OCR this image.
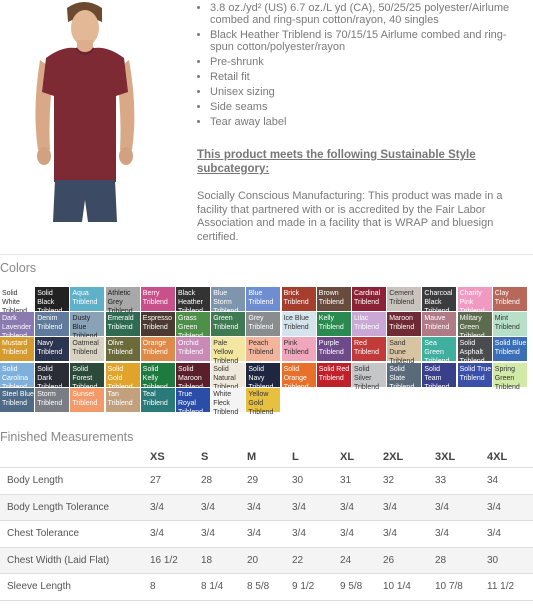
• 3.8 oz./yd² (US) 6.7 oz./L yd (CA), 50/25/25 polyester/Airlume combed and ring-spun cotton/rayon, 40 singles
• Black Heather Triblend is 70/15/15 Airlume combed and ring-spun cotton/polyester/rayon
• Pre-shrunk
• Retail fit
• Unisex sizing
• Side seams
• Tear away label
This product meets the following Sustainable Style subcategory:
Socially Conscious Manufacturing: This product was made in a facility that partnered with or is accredited by the Fair Labor Association and made in a facility that is WRAP and bluesign certified.
Colors
Solid White
Solid Black
Aqua Triblend
Athletic Grey
Berry Triblend
Black Heather
Blue Storm
Blue Triblend
Brick Triblend
Brown Triblend
Cardinal Triblend
Cement Triblend
Charcoal Black
Charity Pink
Clay Triblend
Dark Lavender
Denim Triblend
Dusty Blue
Emerald Triblend
Espresso Triblend
Grass Green
Green Triblend
Grey Triblend
Ice Blue Triblend
Kelly Triblend
Lilac Triblend
Maroon Triblend
Mauve Triblend
Military Green
Mint Triblend
Mustard Triblend
Navy Triblend
Oatmeal Triblend
Olive Triblend
Orange Triblend
Orchid Triblend
Pale Yellow
Peach Triblend
Pink Triblend
Purple Triblend
Red Triblend
Sand Dune
Sea Green
Solid Asphalt
Solid Blue Triblend
Solid Carolina
Solid Dark
Solid Forest
Solid Gold
Solid Kelly
Solid Maroon
Solid Natural
Solid Navy
Solid Orange Triblend
Solid Red Triblend
Solid Silver Triblend
Solid Slate Triblend
Solid Team Triblend
Solid True Triblend
Spring Green Triblend
Steel Blue Triblend
Storm Triblend
Sunset Triblend
Tan Triblend
Teal Triblend
True Royal Triblend
White Fleck Triblend
Yellow Gold Triblend
Finished Measurements
	XS	S	M	L	XL	2XL	3XL	4XL
Body Length	27	28	29	30	31	32	33	34
Body Length Tolerance	3/4	3/4	3/4	3/4	3/4	3/4	3/4	3/4
Chest Tolerance	3/4	3/4	3/4	3/4	3/4	3/4	3/4	3/4
Chest Width (Laid Flat)	16 1/2	18	20	22	24	26	28	30
Sleeve Length	8	8 1/4	8 5/8	9 1/2	9 5/8	10 1/4	10 7/8	11 1/2
